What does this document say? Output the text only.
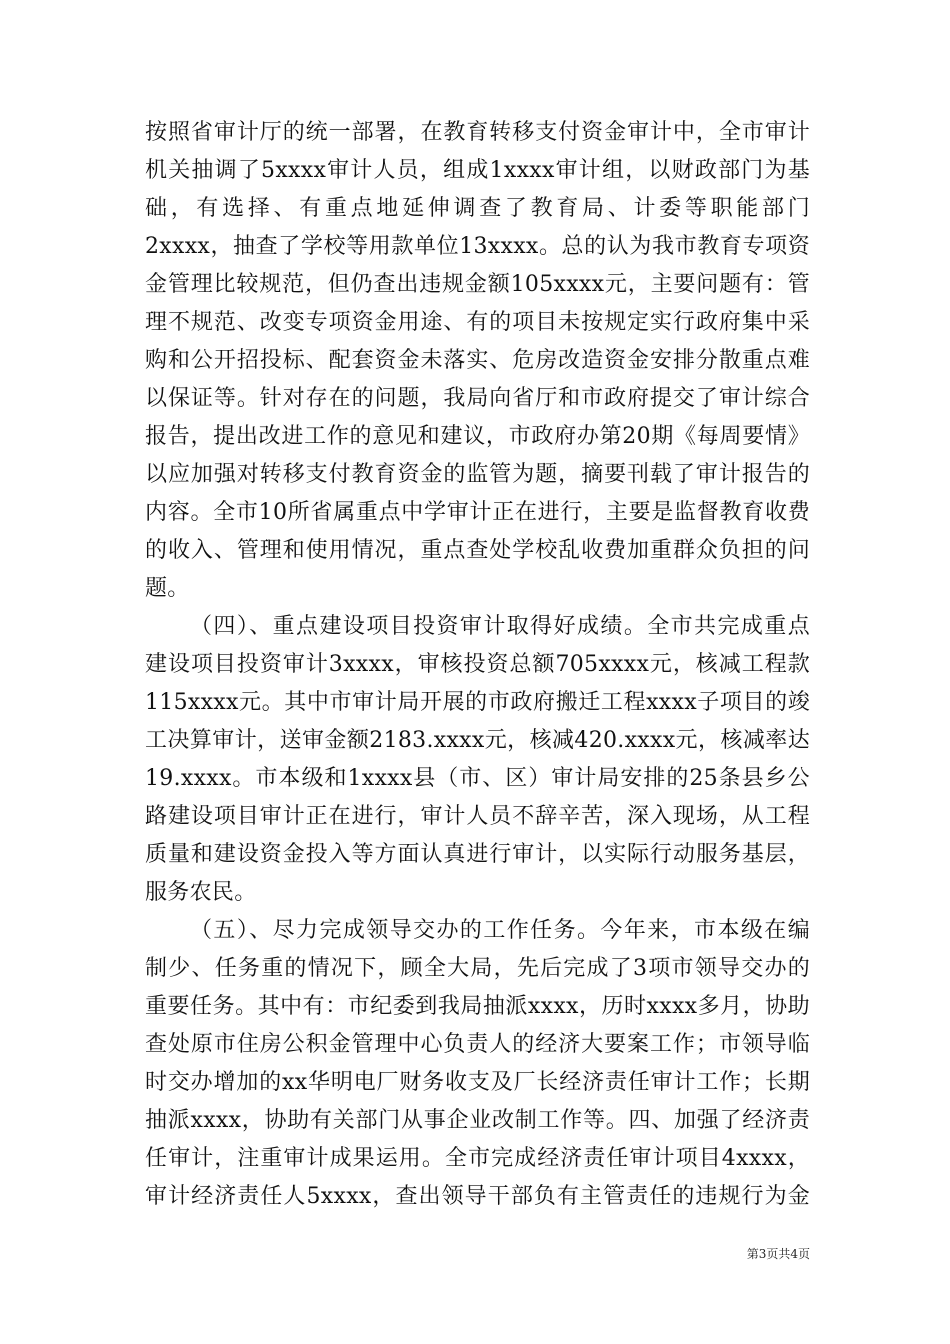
按照省审计厅的统一部署，在教育转移支付资金审计中，全市审计
机关抽调了5xxxx审计人员，组成1xxxx审计组，以财政部门为基
础，有选择、有重点地延伸调查了教育局、计委等职能部门
2xxxx，抽查了学校等用款单位13xxxx。总的认为我市教育专项资
金管理比较规范，但仍查出违规金额105xxxx元，主要问题有：管
理不规范、改变专项资金用途、有的项目未按规定实行政府集中采
购和公开招投标、配套资金未落实、危房改造资金安排分散重点难
以保证等。针对存在的问题，我局向省厅和市政府提交了审计综合
报告，提出改进工作的意见和建议，市政府办第20期《每周要情》
以应加强对转移支付教育资金的监管为题，摘要刊载了审计报告的
内容。全市10所省属重点中学审计正在进行，主要是监督教育收费
的收入、管理和使用情况，重点查处学校乱收费加重群众负担的问
题。
（四）、重点建设项目投资审计取得好成绩。全市共完成重点
建设项目投资审计3xxxx，审核投资总额705xxxx元，核减工程款
115xxxx元。其中市审计局开展的市政府搬迁工程xxxx子项目的竣
工决算审计，送审金额2183.xxxx元，核减420.xxxx元，核减率达
19.xxxx。市本级和1xxxx县（市、区）审计局安排的25条县乡公
路建设项目审计正在进行，审计人员不辞辛苦，深入现场，从工程
质量和建设资金投入等方面认真进行审计，以实际行动服务基层，
服务农民。
（五）、尽力完成领导交办的工作任务。今年来，市本级在编
制少、任务重的情况下，顾全大局，先后完成了3项市领导交办的
重要任务。其中有：市纪委到我局抽派xxxx，历时xxxx多月，协助
查处原市住房公积金管理中心负责人的经济大要案工作；市领导临
时交办增加的xx华明电厂财务收支及厂长经济责任审计工作；长期
抽派xxxx，协助有关部门从事企业改制工作等。四、加强了经济责
任审计，注重审计成果运用。全市完成经济责任审计项目4xxxx，
审计经济责任人5xxxx，查出领导干部负有主管责任的违规行为金
第3页共4页
